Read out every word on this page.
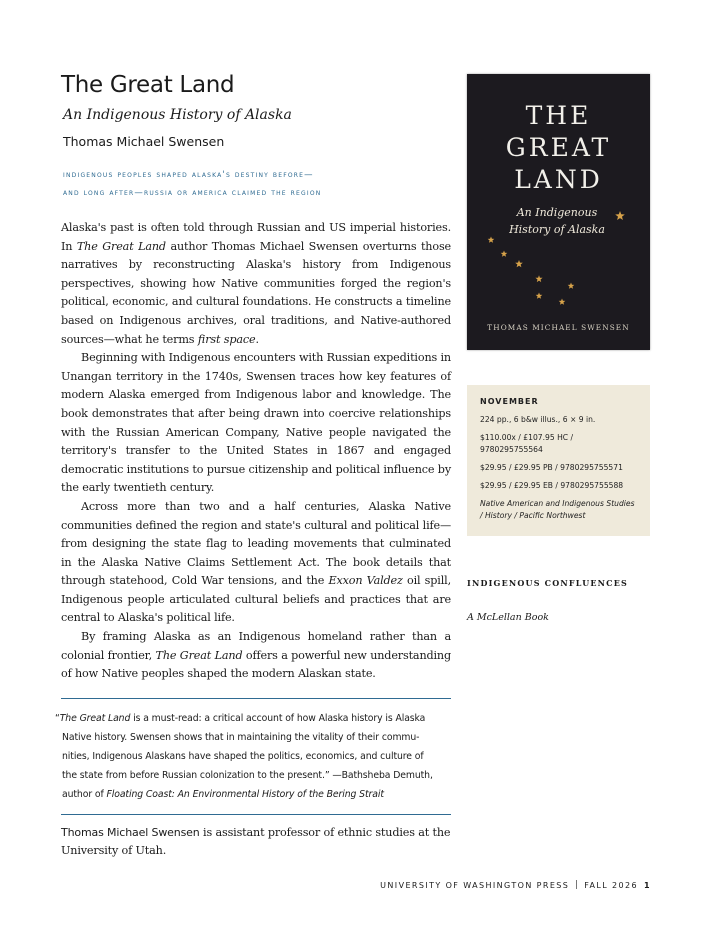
The Great Land
An Indigenous History of Alaska
Thomas Michael Swensen
indigenous peoples shaped alaska's destiny before—
and long after—russia or america claimed the region

Alaska's past is often told through Russian and US imperial histories. In The Great Land author Thomas Michael Swensen overturns those narratives by reconstructing Alaska's history from Indigenous perspectives, showing how Native communities forged the region's political, economic, and cultural foundations. He constructs a timeline based on Indigenous archives, oral traditions, and Native-authored sources—what he terms first space.

Beginning with Indigenous encounters with Russian expeditions in Unangan territory in the 1740s, Swensen traces how key features of modern Alaska emerged from Indigenous labor and knowledge. The book demonstrates that after being drawn into coercive relationships with the Russian American Company, Native people navigated the territory's transfer to the United States in 1867 and engaged democratic institutions to pursue citizenship and political influence by the early twentieth century.

Across more than two and a half centuries, Alaska Native communities defined the region and state's cultural and political life—from designing the state flag to leading movements that culminated in the Alaska Native Claims Settlement Act. The book details that through statehood, Cold War tensions, and the Exxon Valdez oil spill, Indigenous people articulated cultural beliefs and practices that are central to Alaska's political life.

By framing Alaska as an Indigenous homeland rather than a colonial frontier, The Great Land offers a powerful new understanding of how Native peoples shaped the modern Alaskan state.

“The Great Land is a must-read: a critical account of how Alaska history is Alaska
Native history. Swensen shows that in maintaining the vitality of their commu-
nities, Indigenous Alaskans have shaped the politics, economics, and culture of
the state from before Russian colonization to the present.” —Bathsheba Demuth,
author of Floating Coast: An Environmental History of the Bering Strait
Thomas Michael Swensen is assistant professor of ethnic studies at the University of Utah.
THE
GREAT
LAND
An Indigenous
History of Alaska
THOMAS MICHAEL SWENSEN
NOVEMBER
224 pp., 6 b&w illus., 6 × 9 in.
$110.00x / £107.95 HC / 9780295755564
$29.95 / £29.95 PB / 9780295755571
$29.95 / £29.95 EB / 9780295755588
Native American and Indigenous Studies / History / Pacific Northwest
INDIGENOUS CONFLUENCES
A McLellan Book
UNIVERSITY OF WASHINGTON PRESS FALL 2026 1
